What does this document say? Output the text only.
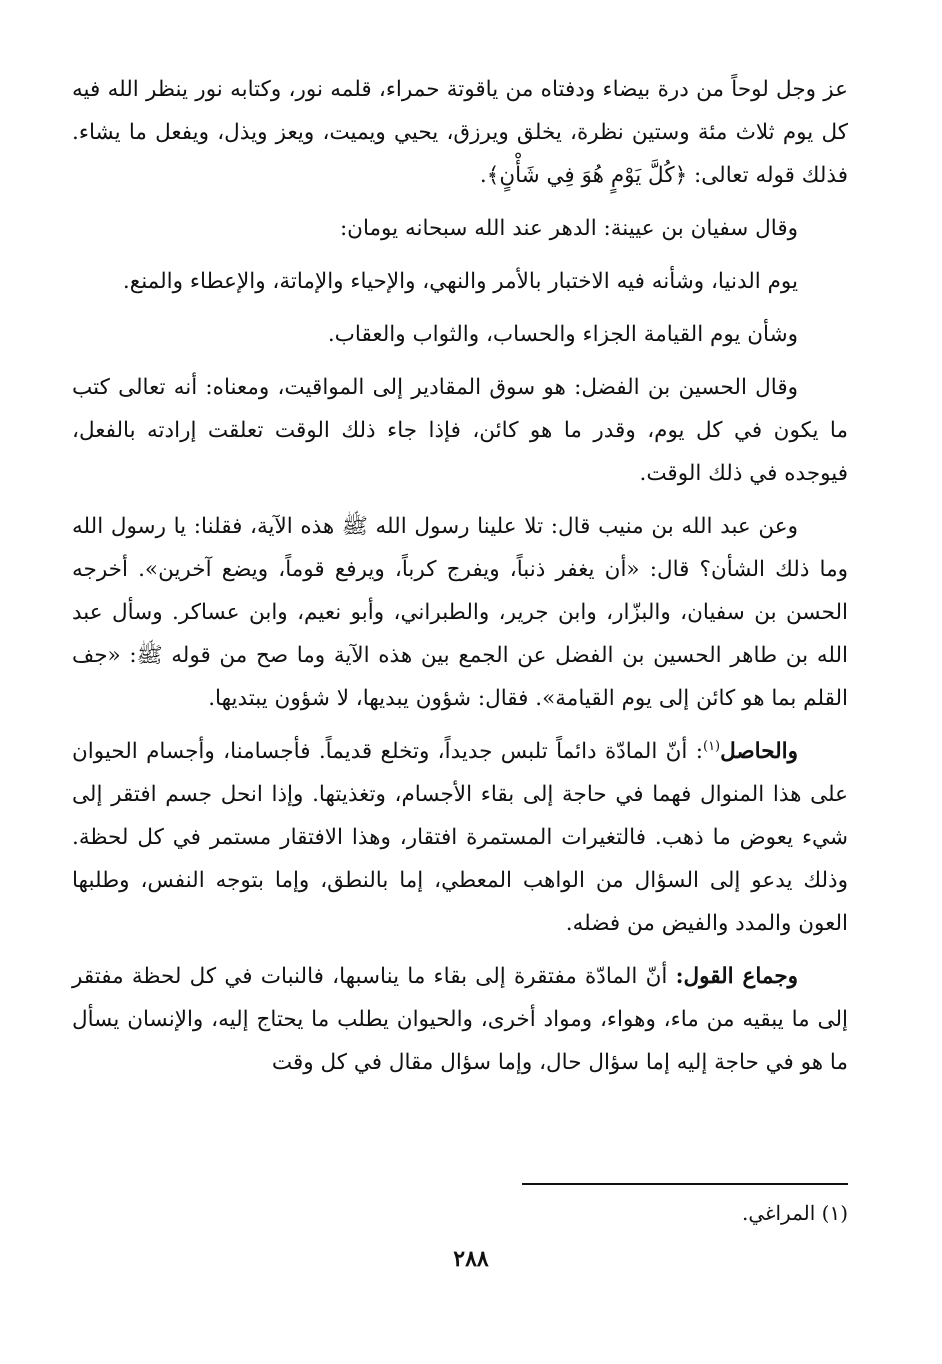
عز وجل لوحاً من درة بيضاء ودفتاه من ياقوتة حمراء، قلمه نور، وكتابه نور ينظر الله فيه كل يوم ثلاث مئة وستين نظرة، يخلق ويرزق، يحيي ويميت، ويعز ويذل، ويفعل ما يشاء. فذلك قوله تعالى: ﴿كُلَّ يَوْمٍ هُوَ فِي شَأْنٍ﴾.

وقال سفيان بن عيينة: الدهر عند الله سبحانه يومان:

يوم الدنيا، وشأنه فيه الاختبار بالأمر والنهي، والإحياء والإماتة، والإعطاء والمنع.

وشأن يوم القيامة الجزاء والحساب، والثواب والعقاب.

وقال الحسين بن الفضل: هو سوق المقادير إلى المواقيت، ومعناه: أنه تعالى كتب ما يكون في كل يوم، وقدر ما هو كائن، فإذا جاء ذلك الوقت تعلقت إرادته بالفعل، فيوجده في ذلك الوقت.

وعن عبد الله بن منيب قال: تلا علينا رسول الله ﷺ هذه الآية، فقلنا: يا رسول الله وما ذلك الشأن؟ قال: «أن يغفر ذنباً، ويفرج كرباً، ويرفع قوماً، ويضع آخرين». أخرجه الحسن بن سفيان، والبزّار، وابن جرير، والطبراني، وأبو نعيم، وابن عساكر. وسأل عبد الله بن طاهر الحسين بن الفضل عن الجمع بين هذه الآية وما صح من قوله ﷺ: «جف القلم بما هو كائن إلى يوم القيامة». فقال: شؤون يبديها، لا شؤون يبتديها.

والحاصل$^{(١)}$: أنّ المادّة دائماً تلبس جديداً، وتخلع قديماً. فأجسامنا، وأجسام الحيوان على هذا المنوال فهما في حاجة إلى بقاء الأجسام، وتغذيتها. وإذا انحل جسم افتقر إلى شيء يعوض ما ذهب. فالتغيرات المستمرة افتقار، وهذا الافتقار مستمر في كل لحظة. وذلك يدعو إلى السؤال من الواهب المعطي، إما بالنطق، وإما بتوجه النفس، وطلبها العون والمدد والفيض من فضله.

وجماع القول: أنّ المادّة مفتقرة إلى بقاء ما يناسبها، فالنبات في كل لحظة مفتقر إلى ما يبقيه من ماء، وهواء، ومواد أخرى، والحيوان يطلب ما يحتاج إليه، والإنسان يسأل ما هو في حاجة إليه إما سؤال حال، وإما سؤال مقال في كل وقت

(١) المراغي.
٢٨٨
